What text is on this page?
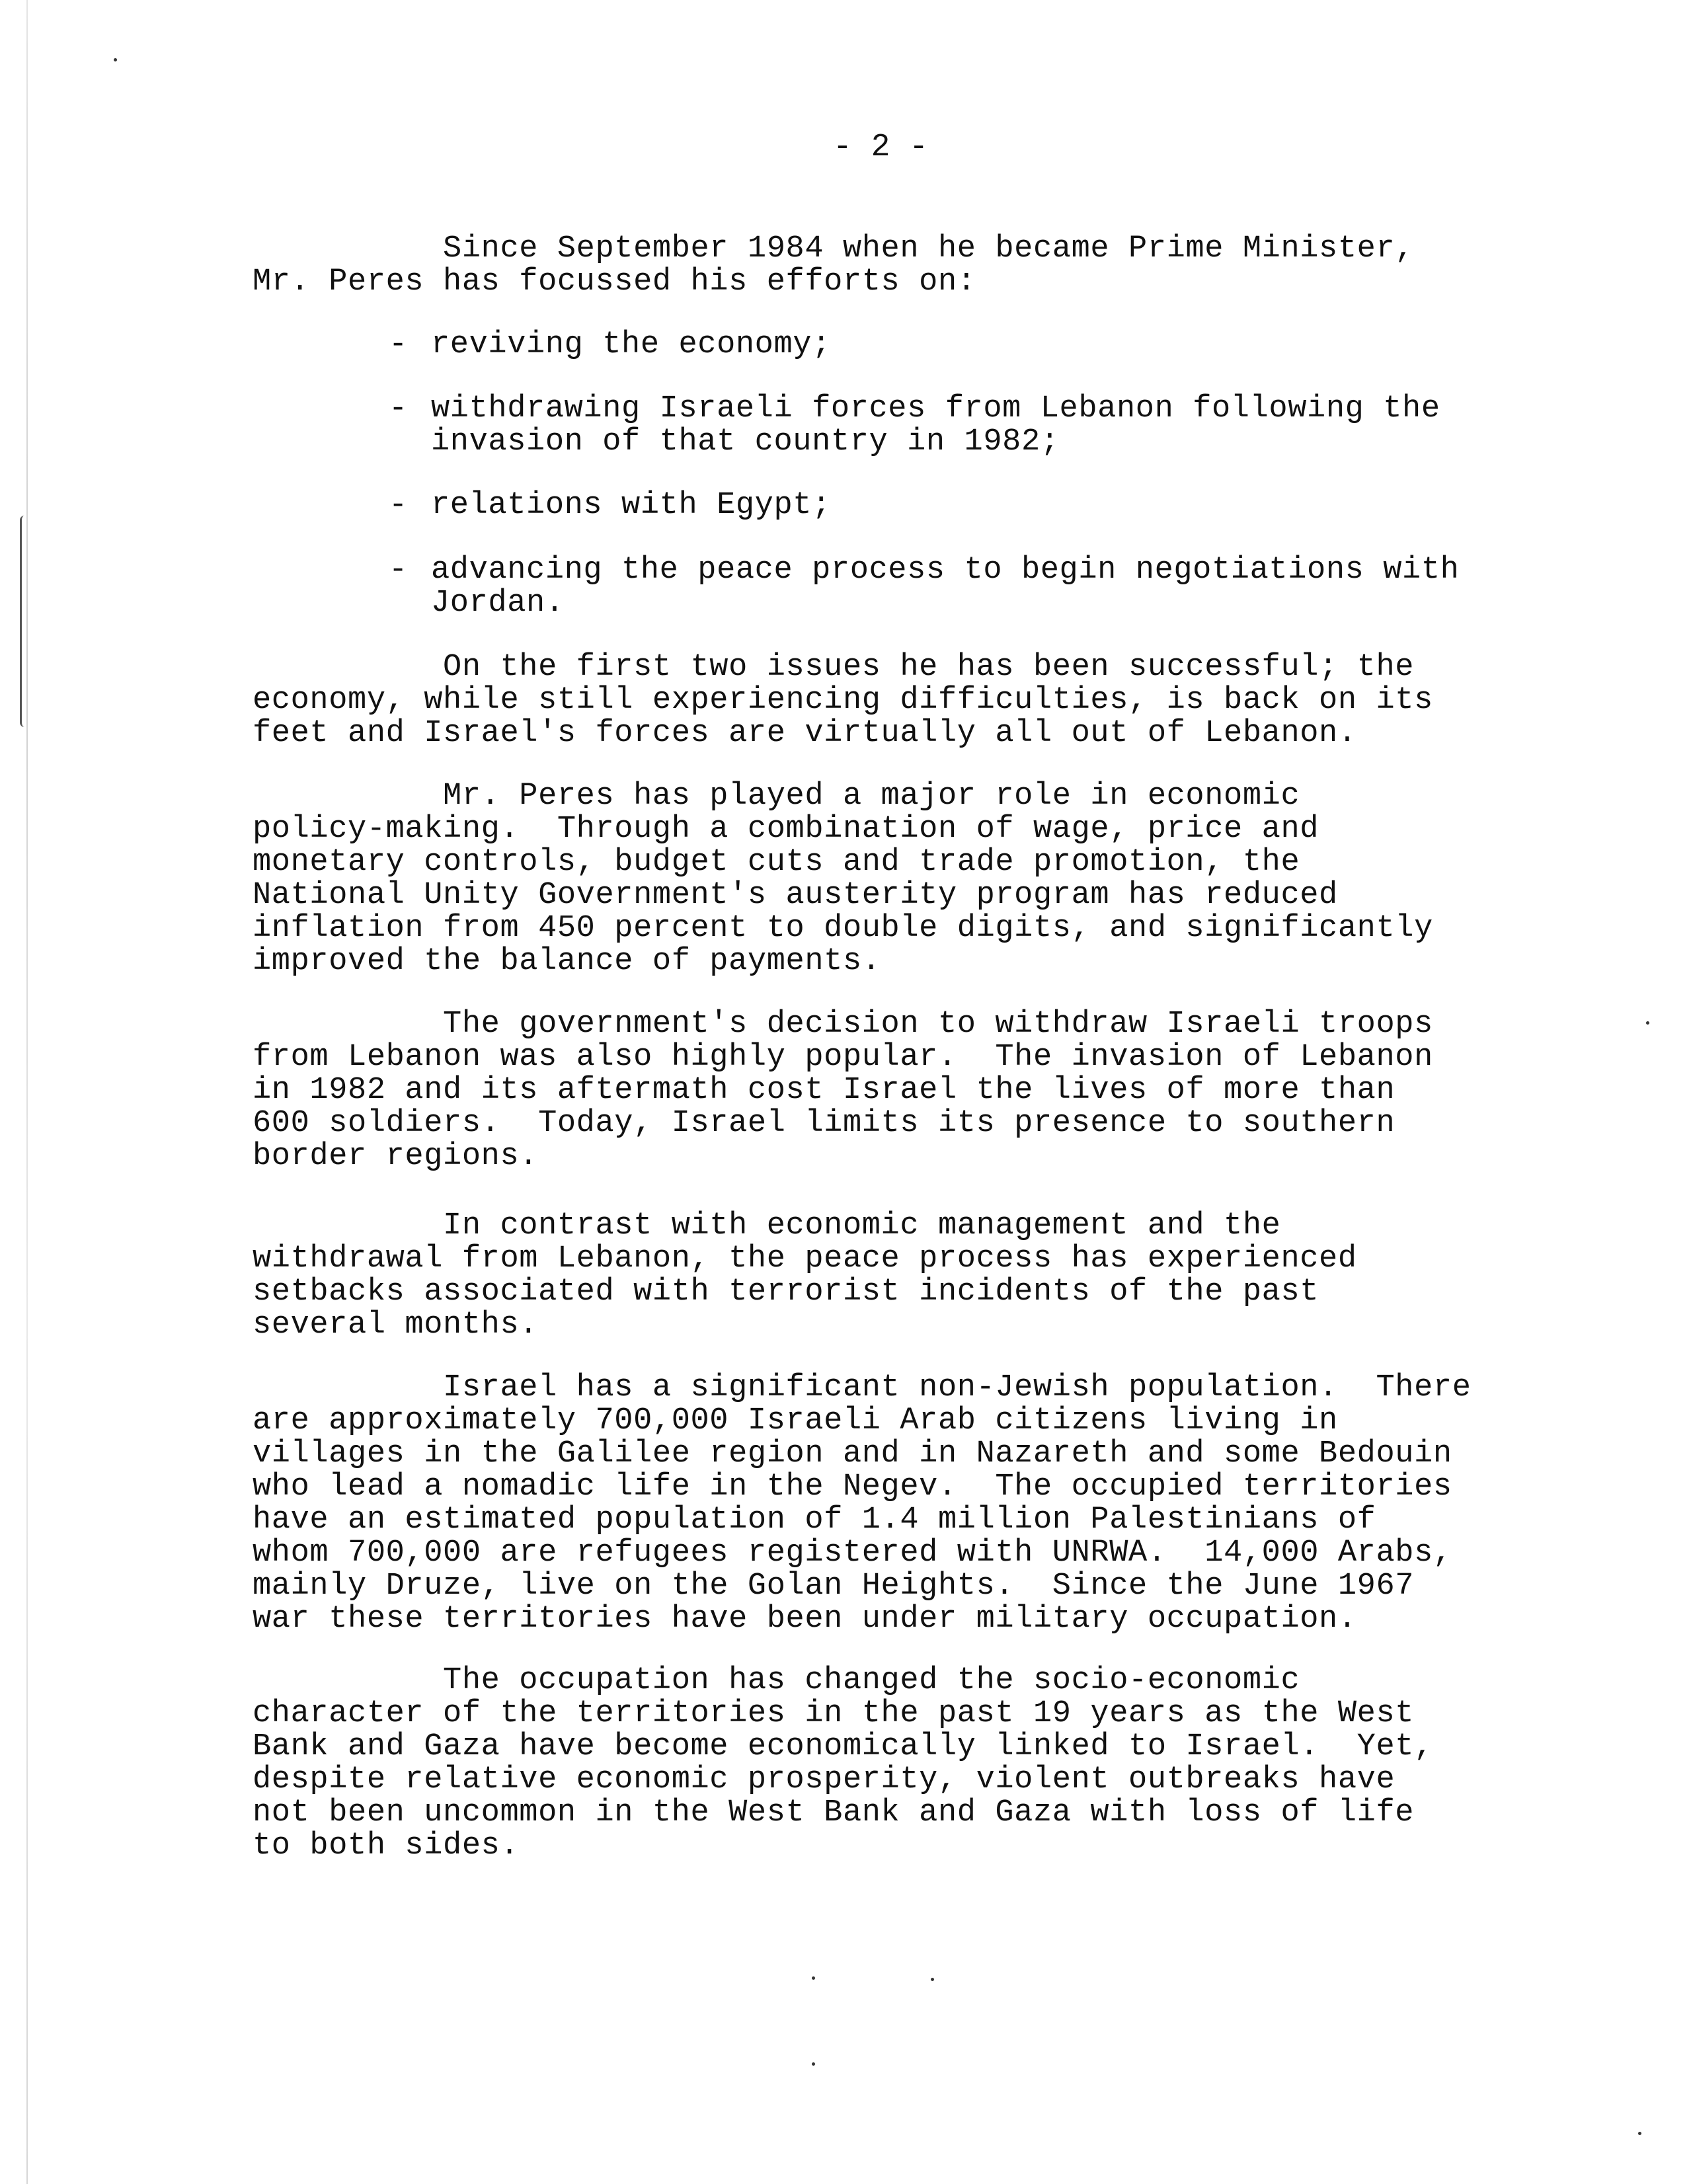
- 2 -
Since September 1984 when he became Prime Minister,
Mr. Peres has focussed his efforts on:
- reviving the economy;
- withdrawing Israeli forces from Lebanon following the
invasion of that country in 1982;
- relations with Egypt;
- advancing the peace process to begin negotiations with
Jordan.
On the first two issues he has been successful; the
economy, while still experiencing difficulties, is back on its
feet and Israel's forces are virtually all out of Lebanon.
Mr. Peres has played a major role in economic
policy-making.  Through a combination of wage, price and
monetary controls, budget cuts and trade promotion, the
National Unity Government's austerity program has reduced
inflation from 450 percent to double digits, and significantly
improved the balance of payments.
The government's decision to withdraw Israeli troops
from Lebanon was also highly popular.  The invasion of Lebanon
in 1982 and its aftermath cost Israel the lives of more than
600 soldiers.  Today, Israel limits its presence to southern
border regions.
In contrast with economic management and the
withdrawal from Lebanon, the peace process has experienced
setbacks associated with terrorist incidents of the past
several months.
Israel has a significant non-Jewish population.  There
are approximately 700,000 Israeli Arab citizens living in
villages in the Galilee region and in Nazareth and some Bedouin
who lead a nomadic life in the Negev.  The occupied territories
have an estimated population of 1.4 million Palestinians of
whom 700,000 are refugees registered with UNRWA.  14,000 Arabs,
mainly Druze, live on the Golan Heights.  Since the June 1967
war these territories have been under military occupation.
The occupation has changed the socio-economic
character of the territories in the past 19 years as the West
Bank and Gaza have become economically linked to Israel.  Yet,
despite relative economic prosperity, violent outbreaks have
not been uncommon in the West Bank and Gaza with loss of life
to both sides.
